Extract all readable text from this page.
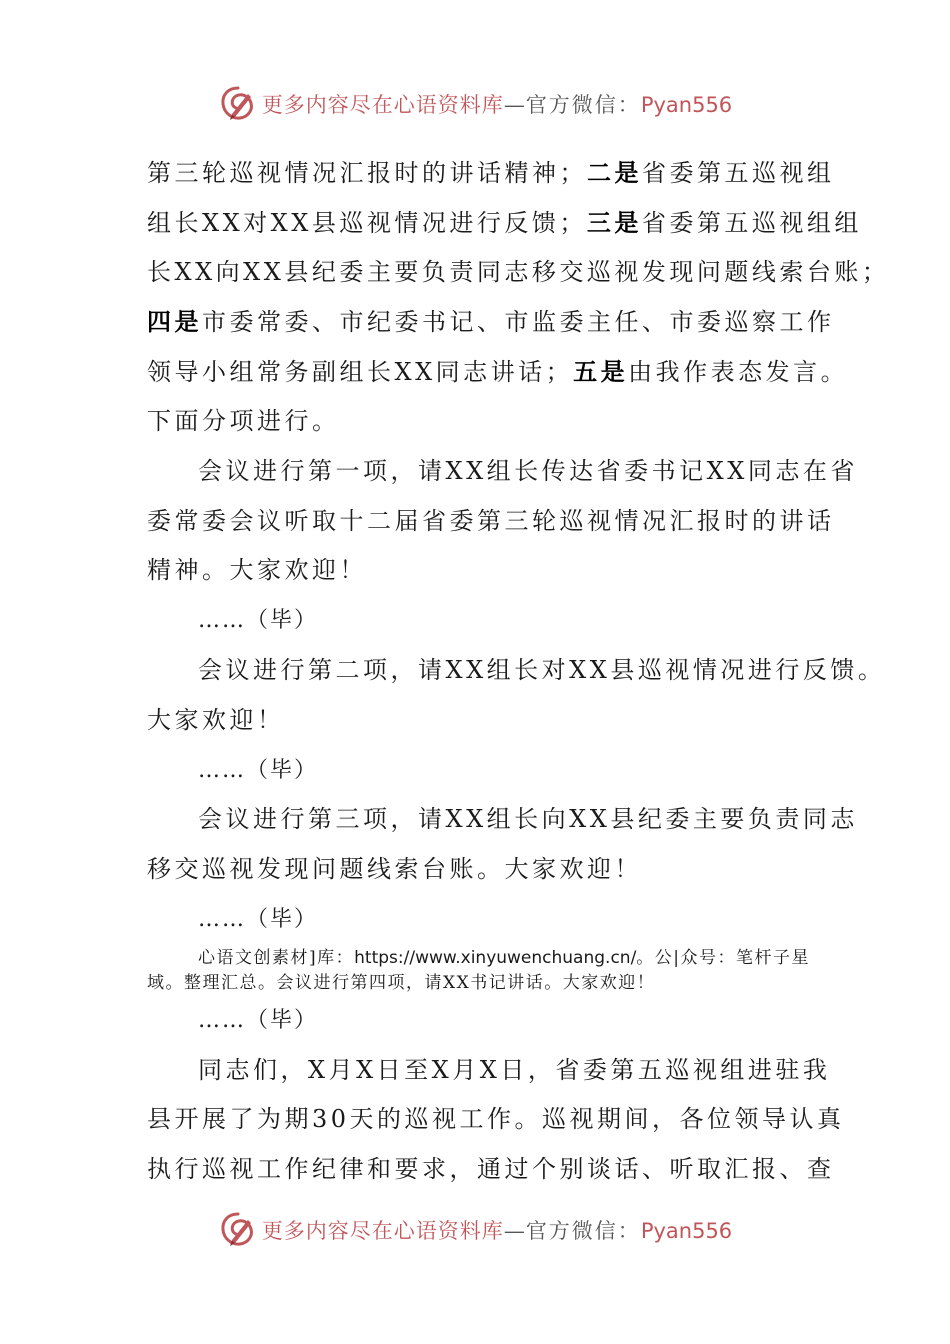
更多内容尽在心语资料库—官方微信：Pyan556
第三轮巡视情况汇报时的讲话精神；二是省委第五巡视组
组长XX对XX县巡视情况进行反馈；三是省委第五巡视组组
长XX向XX县纪委主要负责同志移交巡视发现问题线索台账；
四是市委常委、市纪委书记、市监委主任、市委巡察工作
领导小组常务副组长XX同志讲话；五是由我作表态发言。
下面分项进行。
会议进行第一项，请XX组长传达省委书记XX同志在省
委常委会议听取十二届省委第三轮巡视情况汇报时的讲话
精神。大家欢迎！
……（毕）
会议进行第二项，请XX组长对XX县巡视情况进行反馈。
大家欢迎！
……（毕）
会议进行第三项，请XX组长向XX县纪委主要负责同志
移交巡视发现问题线索台账。大家欢迎！
……（毕）
心语文创素材]库：https://www.xinyuwenchuang.cn/。公|众号：笔杆子星
域。整理汇总。会议进行第四项，请XX书记讲话。大家欢迎！
……（毕）
同志们，X月X日至X月X日，省委第五巡视组进驻我
县开展了为期30天的巡视工作。巡视期间，各位领导认真
执行巡视工作纪律和要求，通过个别谈话、听取汇报、查
更多内容尽在心语资料库—官方微信：Pyan556
